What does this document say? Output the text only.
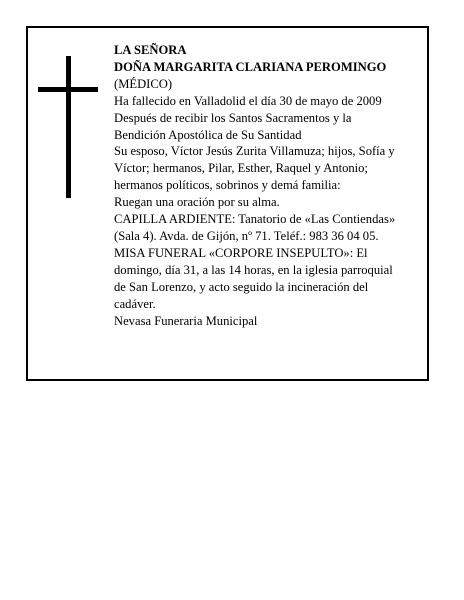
LA SEÑORA
DOÑA MARGARITA CLARIANA PEROMINGO
(MÉDICO)
Ha fallecido en Valladolid el día 30 de mayo de 2009
Después de recibir los Santos Sacramentos y la
Bendición Apostólica de Su Santidad
Su esposo, Víctor Jesús Zurita Villamuza; hijos, Sofía y
Víctor; hermanos, Pilar, Esther, Raquel y Antonio;
hermanos políticos, sobrinos y demá familia:
Ruegan una oración por su alma.
CAPILLA ARDIENTE: Tanatorio de «Las Contiendas»
(Sala 4). Avda. de Gijón, nº 71. Teléf.: 983 36 04 05.
MISA FUNERAL «CORPORE INSEPULTO»: El
domingo, día 31, a las 14 horas, en la iglesia parroquial
de San Lorenzo, y acto seguido la incineración del
cadáver.
Nevasa Funeraria Municipal
